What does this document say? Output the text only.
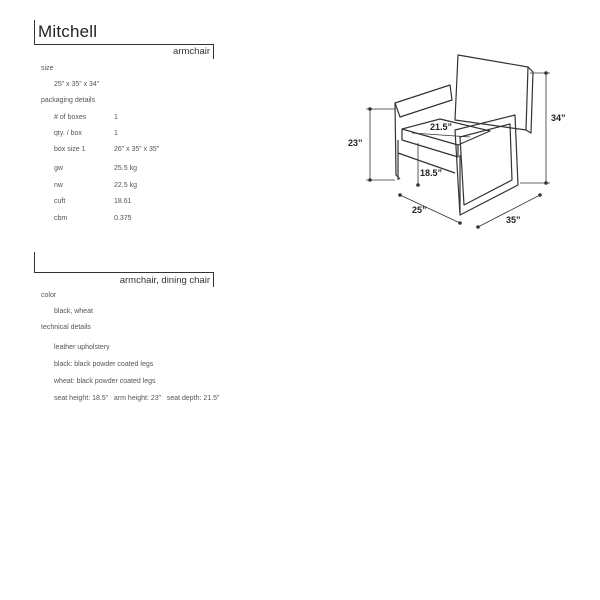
Mitchell
armchair
size
25” x 35” x 34”
packaging details
# of boxes	1
qty. / box	1
box size 1	26” x 35” x 35”
gw	25.5 kg
nw	22.5 kg
cuft	18.61
cbm	0.375
armchair, dining chair
color
black, wheat
technical details
leather upholstery
black: black powder coated legs
wheat: black powder coated legs
seat height: 18.5”   arm height: 23”   seat depth: 21.5”
21.5”
23”
34”
18.5”
25”
35”
